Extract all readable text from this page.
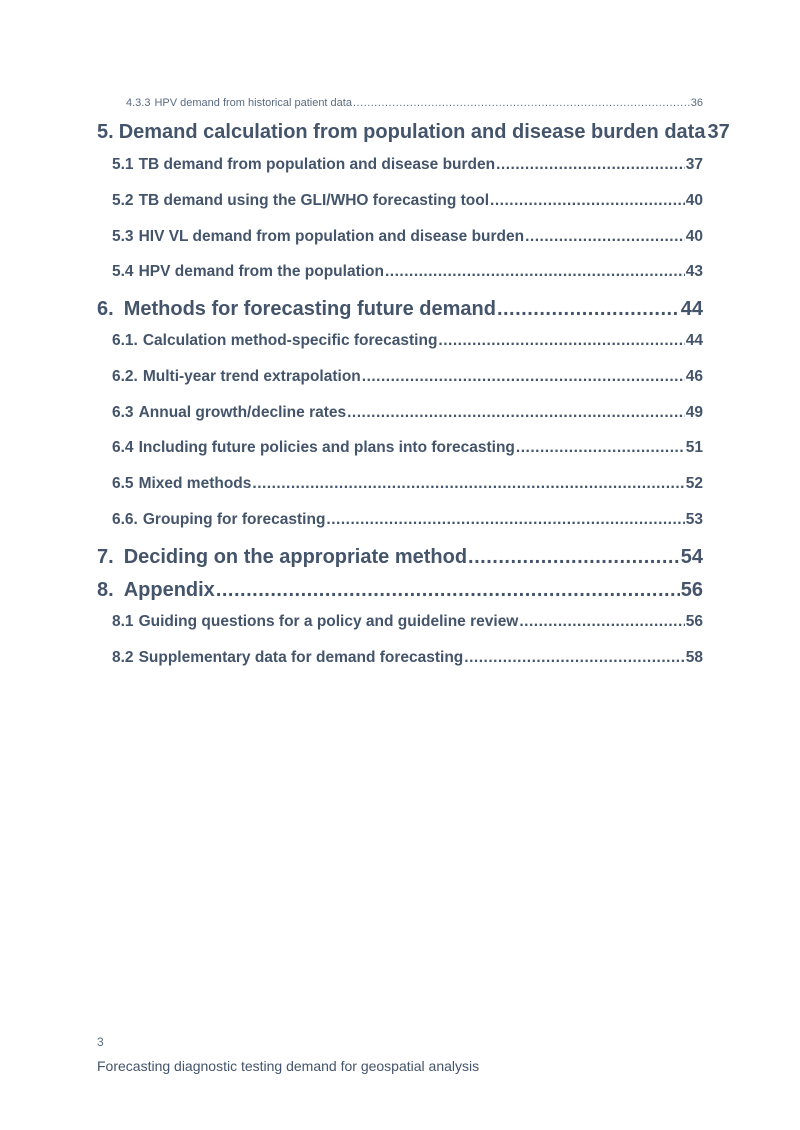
4.3.3 HPV demand from historical patient data .....	36
5. Demand calculation from population and disease burden data 37
5.1 TB demand from population and disease burden .....	37
5.2 TB demand using the GLI/WHO forecasting tool .....	40
5.3 HIV VL demand from population and disease burden .....	40
5.4 HPV demand from the population .....	43
6. Methods for forecasting future demand .....	44
6.1. Calculation method-specific forecasting .....	44
6.2. Multi-year trend extrapolation .....	46
6.3 Annual growth/decline rates .....	49
6.4 Including future policies and plans into forecasting .....	51
6.5 Mixed methods .....	52
6.6. Grouping for forecasting .....	53
7. Deciding on the appropriate method .....	54
8. Appendix .....	56
8.1 Guiding questions for a policy and guideline review .....	56
8.2 Supplementary data for demand forecasting .....	58
3
Forecasting diagnostic testing demand for geospatial analysis
